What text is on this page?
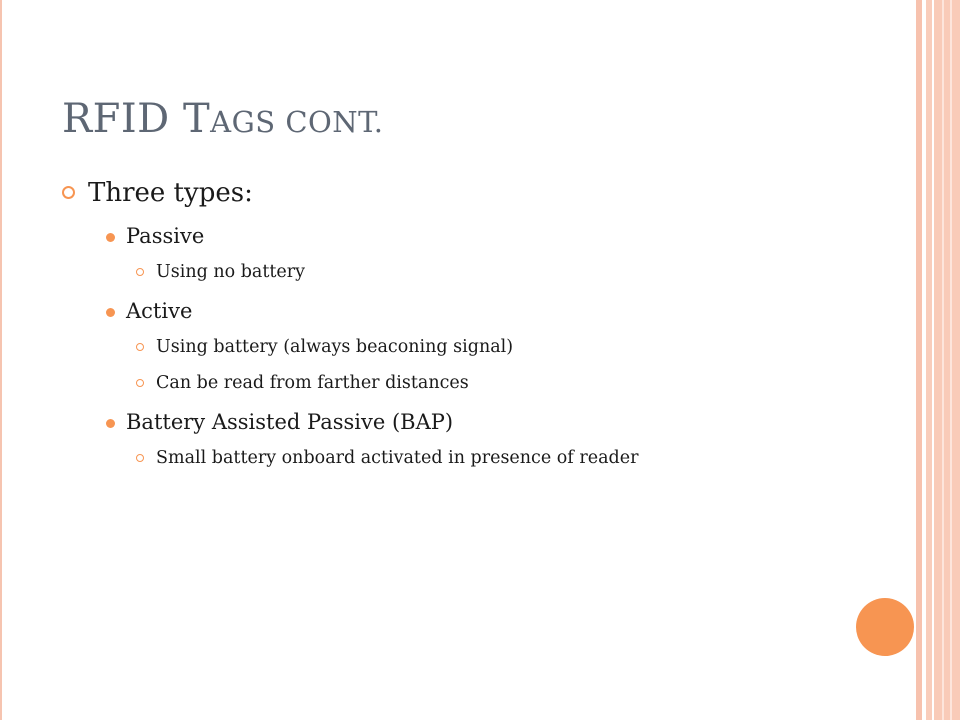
RFID TAGS CONT.
Three types:
Passive
Using no battery
Active
Using battery (always beaconing signal)
Can be read from farther distances
Battery Assisted Passive (BAP)
Small battery onboard activated in presence of reader
